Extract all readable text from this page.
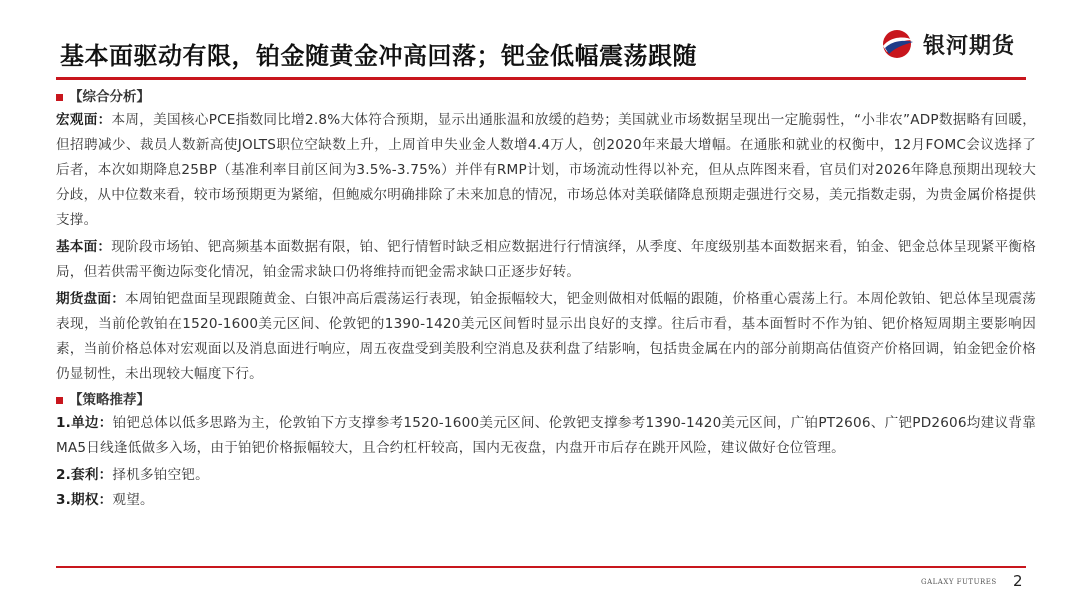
基本面驱动有限，铂金随黄金冲高回落；钯金低幅震荡跟随	银河期货
【综合分析】

宏观面：本周，美国核心PCE指数同比增2.8%大体符合预期，显示出通胀温和放缓的趋势；美国就业市场数据呈现出一定脆弱性，“小非农”ADP数据略有回暖，但招聘减少、裁员人数新高使JOLTS职位空缺数上升，上周首申失业金人数增4.4万人，创2020年来最大增幅。在通胀和就业的权衡中，12月FOMC会议选择了后者，本次如期降息25BP（基准利率目前区间为3.5%-3.75%）并伴有RMP计划，市场流动性得以补充，但从点阵图来看，官员们对2026年降息预期出现较大分歧，从中位数来看，较市场预期更为紧缩，但鲍威尔明确排除了未来加息的情况，市场总体对美联储降息预期走强进行交易，美元指数走弱，为贵金属价格提供支撑。

基本面：现阶段市场铂、钯高频基本面数据有限，铂、钯行情暂时缺乏相应数据进行行情演绎，从季度、年度级别基本面数据来看，铂金、钯金总体呈现紧平衡格局，但若供需平衡边际变化情况，铂金需求缺口仍将维持而钯金需求缺口正逐步好转。

期货盘面：本周铂钯盘面呈现跟随黄金、白银冲高后震荡运行表现，铂金振幅较大，钯金则做相对低幅的跟随，价格重心震荡上行。本周伦敦铂、钯总体呈现震荡表现，当前伦敦铂在1520-1600美元区间、伦敦钯的1390-1420美元区间暂时显示出良好的支撑。往后市看，基本面暂时不作为铂、钯价格短周期主要影响因素，当前价格总体对宏观面以及消息面进行响应，周五夜盘受到美股利空消息及获利盘了结影响，包括贵金属在内的部分前期高估值资产价格回调，铂金钯金价格仍显韧性，未出现较大幅度下行。

【策略推荐】

1.单边：铂钯总体以低多思路为主，伦敦铂下方支撑参考1520-1600美元区间、伦敦钯支撑参考1390-1420美元区间，广铂PT2606、广钯PD2606均建议背靠MA5日线逢低做多入场，由于铂钯价格振幅较大，且合约杠杆较高，国内无夜盘，内盘开市后存在跳开风险，建议做好仓位管理。

2.套利：择机多铂空钯。

3.期权：观望。

GALAXY FUTURES 2
